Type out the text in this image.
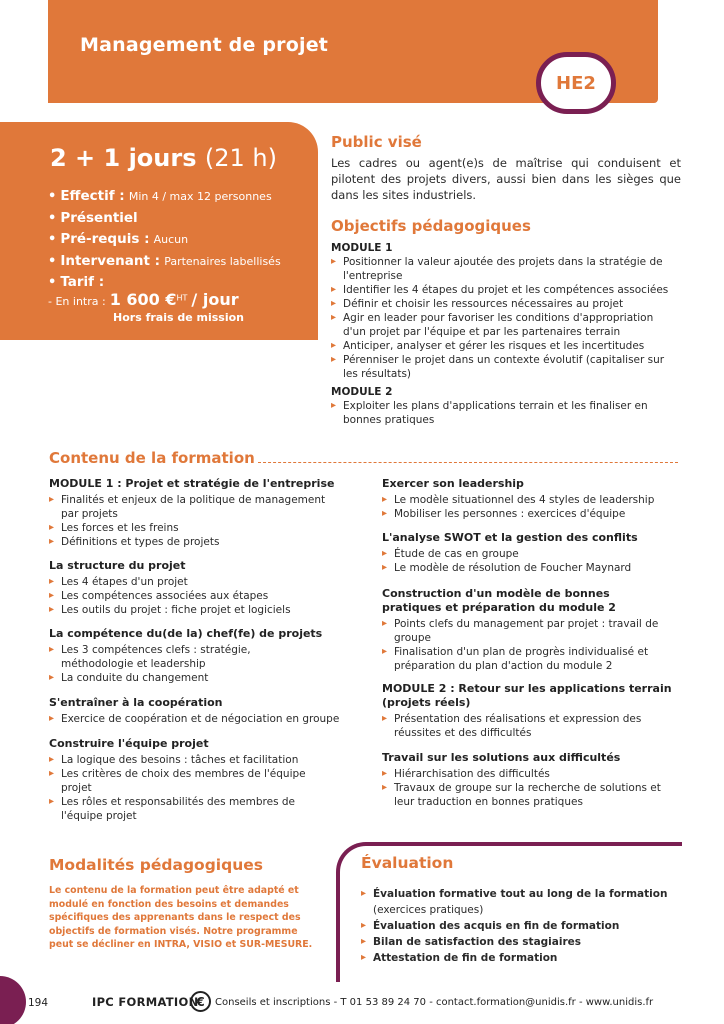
Management de projet
HE2
2 + 1 jours (21 h)
• Effectif : Min 4 / max 12 personnes
• Présentiel
• Pré-requis : Aucun
• Intervenant : Partenaires labellisés
• Tarif :
- En intra : 1 600 €$^{HT}$ / jour
Hors frais de mission
Public visé
Les cadres ou agent(e)s de maîtrise qui conduisent et pilotent des projets divers, aussi bien dans les sièges que dans les sites industriels.
Objectifs pédagogiques
MODULE 1
▸ Positionner la valeur ajoutée des projets dans la stratégie de l'entreprise
▸ Identifier les 4 étapes du projet et les compétences associées
▸ Définir et choisir les ressources nécessaires au projet
▸ Agir en leader pour favoriser les conditions d'appropriation d'un projet par l'équipe et par les partenaires terrain
▸ Anticiper, analyser et gérer les risques et les incertitudes
▸ Pérenniser le projet dans un contexte évolutif (capitaliser sur les résultats)
MODULE 2
▸ Exploiter les plans d'applications terrain et les finaliser en bonnes pratiques
Contenu de la formation
MODULE 1 : Projet et stratégie de l'entreprise
▸ Finalités et enjeux de la politique de management par projets
▸ Les forces et les freins
▸ Définitions et types de projets
La structure du projet
▸ Les 4 étapes d'un projet
▸ Les compétences associées aux étapes
▸ Les outils du projet : fiche projet et logiciels
La compétence du(de la) chef(fe) de projets
▸ Les 3 compétences clefs : stratégie, méthodologie et leadership
▸ La conduite du changement
S'entraîner à la coopération
▸ Exercice de coopération et de négociation en groupe
Construire l'équipe projet
▸ La logique des besoins : tâches et facilitation
▸ Les critères de choix des membres de l'équipe projet
▸ Les rôles et responsabilités des membres de l'équipe projet
Exercer son leadership
▸ Le modèle situationnel des 4 styles de leadership
▸ Mobiliser les personnes : exercices d'équipe
L'analyse SWOT et la gestion des conflits
▸ Étude de cas en groupe
▸ Le modèle de résolution de Foucher Maynard
Construction d'un modèle de bonnes pratiques et préparation du module 2
▸ Points clefs du management par projet : travail de groupe
▸ Finalisation d'un plan de progrès individualisé et préparation du plan d'action du module 2
MODULE 2 : Retour sur les applications terrain (projets réels)
▸ Présentation des réalisations et expression des réussites et des difficultés
Travail sur les solutions aux difficultés
▸ Hiérarchisation des difficultés
▸ Travaux de groupe sur la recherche de solutions et leur traduction en bonnes pratiques
Modalités pédagogiques
Le contenu de la formation peut être adapté et modulé en fonction des besoins et demandes spécifiques des apprenants dans le respect des objectifs de formation visés. Notre programme peut se décliner en INTRA, VISIO et SUR-MESURE.
Évaluation
▸ Évaluation formative tout au long de la formation
(exercices pratiques)
▸ Évaluation des acquis en fin de formation
▸ Bilan de satisfaction des stagiaires
▸ Attestation de fin de formation
194	IPC FORMATION
€	Conseils et inscriptions - T 01 53 89 24 70 - contact.formation@unidis.fr - www.unidis.fr
